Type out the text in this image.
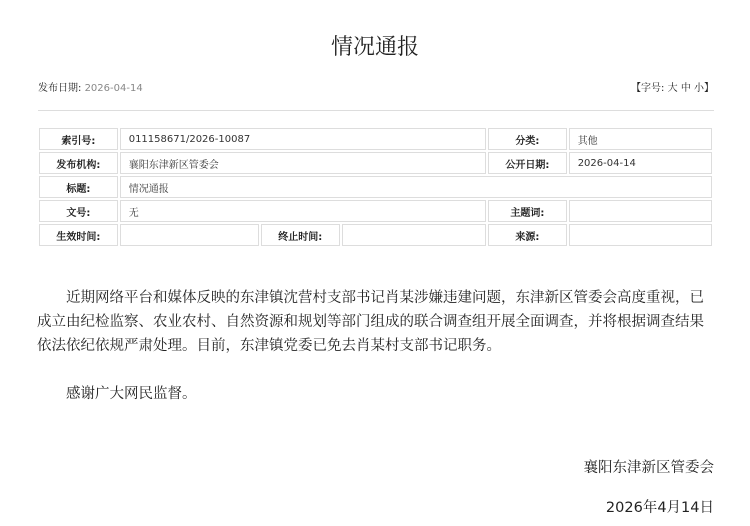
情况通报
发布日期: 2026-04-14	【字号: 大 中 小】
索引号:	011158671/2026-10087			分类:	其他
发布机构:	襄阳东津新区管委会			公开日期:	2026-04-14
标题:	情况通报				
文号:	无			主题词:	
生效时间:		终止时间:		来源:	

近期网络平台和媒体反映的东津镇沈营村支部书记肖某涉嫌违建问题，东津新区管委会高度重视，已成立由纪检监察、农业农村、自然资源和规划等部门组成的联合调查组开展全面调查，并将根据调查结果依法依纪依规严肃处理。目前，东津镇党委已免去肖某村支部书记职务。

感谢广大网民监督。

襄阳东津新区管委会
2026年4月14日
